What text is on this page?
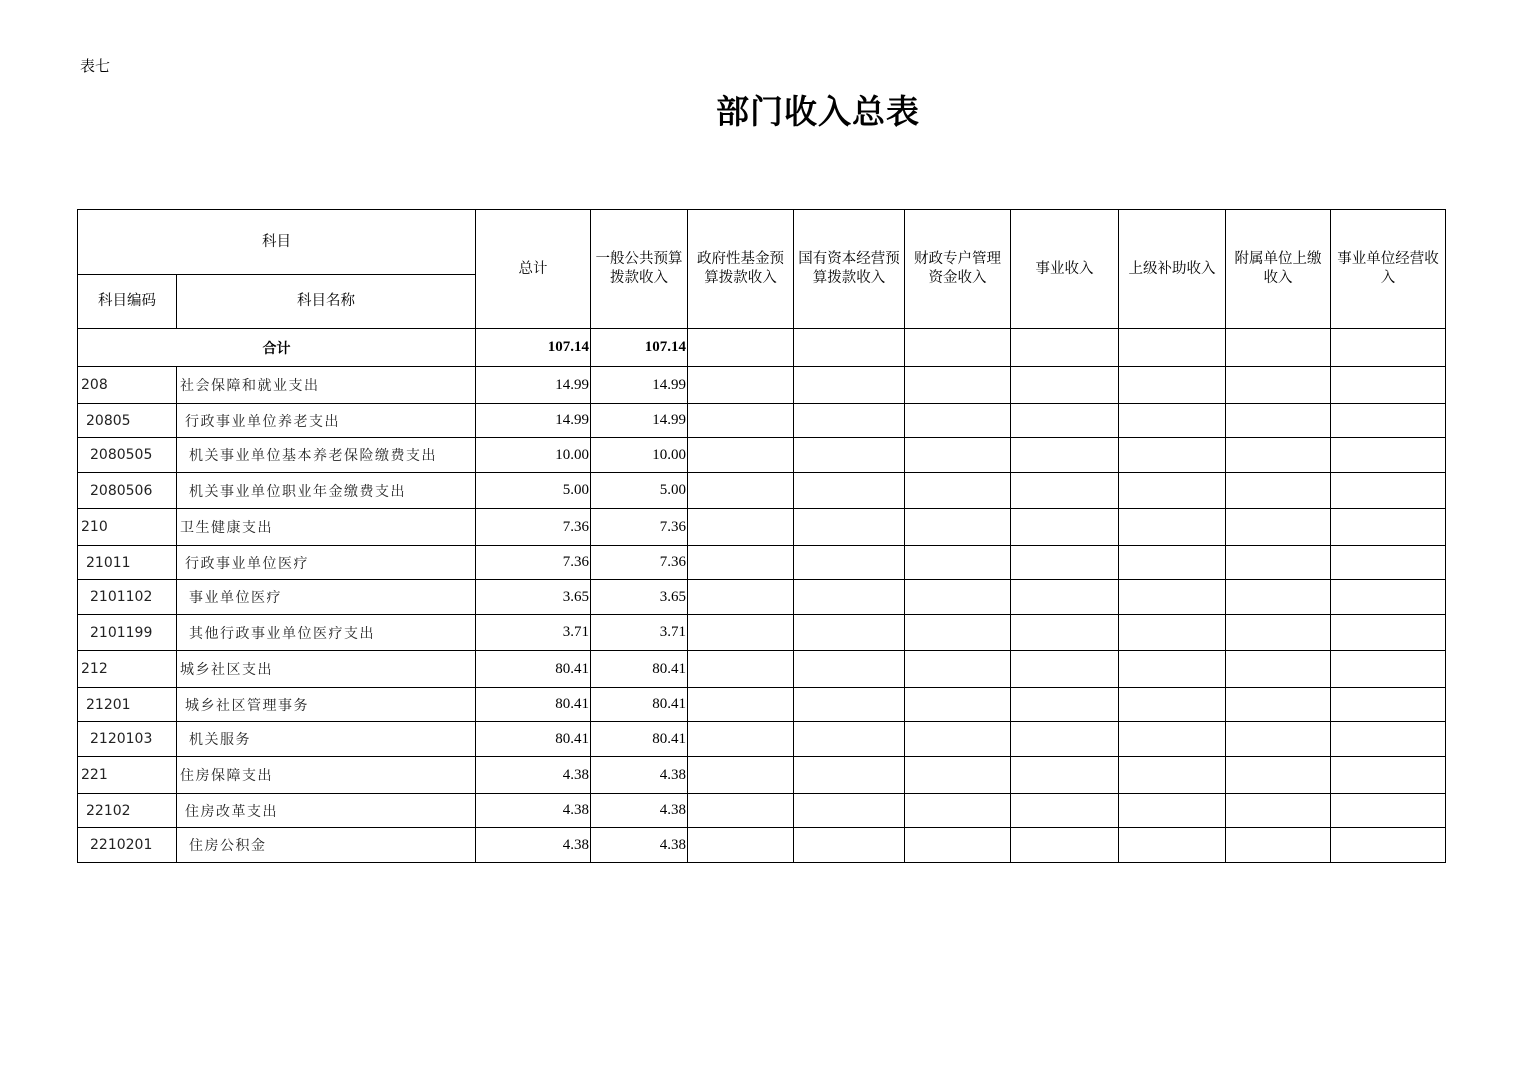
表七
部门收入总表
科目		总计	一般公共预算拨款收入	政府性基金预算拨款收入	国有资本经营预算拨款收入	财政专户管理资金收入	事业收入	上级补助收入	附属单位上缴收入	事业单位经营收入
科目编码	科目名称									
合计		107.14	107.14							
208	社会保障和就业支出	14.99	14.99							
20805	行政事业单位养老支出	14.99	14.99							
2080505	机关事业单位基本养老保险缴费支出	10.00	10.00							
2080506	机关事业单位职业年金缴费支出	5.00	5.00							
210	卫生健康支出	7.36	7.36							
21011	行政事业单位医疗	7.36	7.36							
2101102	事业单位医疗	3.65	3.65							
2101199	其他行政事业单位医疗支出	3.71	3.71							
212	城乡社区支出	80.41	80.41							
21201	城乡社区管理事务	80.41	80.41							
2120103	机关服务	80.41	80.41							
221	住房保障支出	4.38	4.38							
22102	住房改革支出	4.38	4.38							
2210201	住房公积金	4.38	4.38							
